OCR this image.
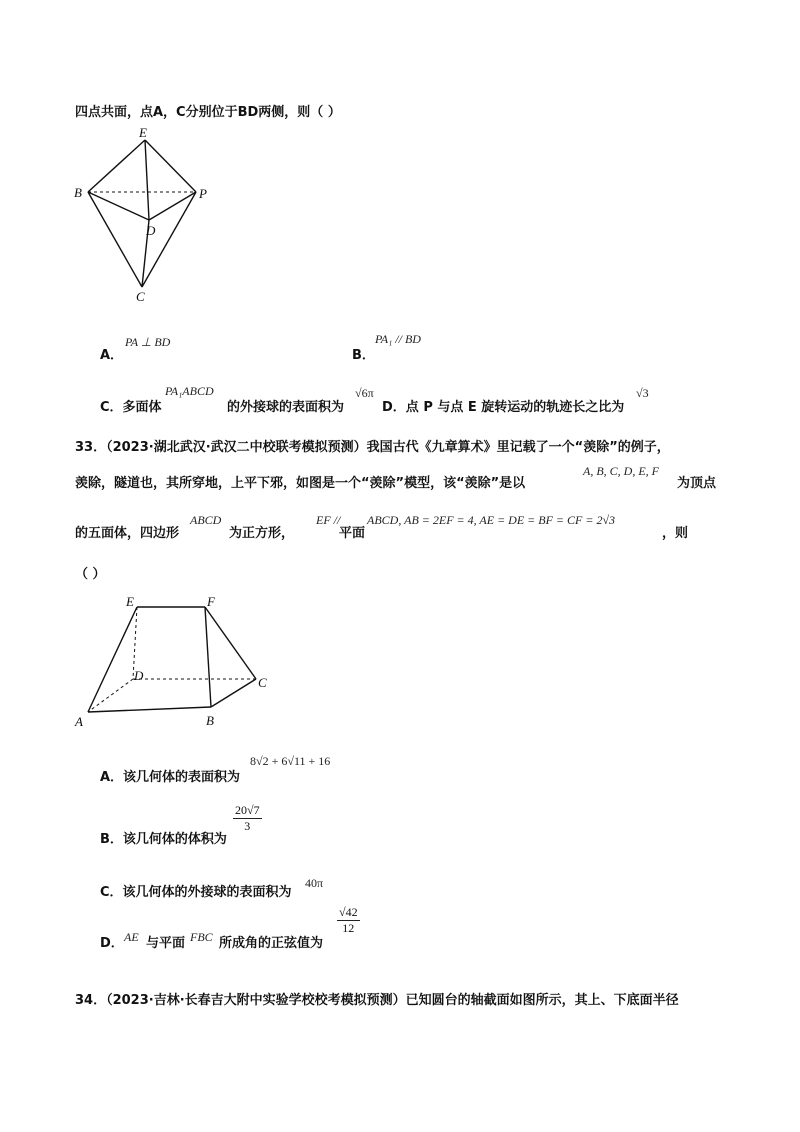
四点共面，点A，C分别位于BD两侧，则（ ）
E
B	P
D
C
A．
PA ⊥ BD
B．
PA₁ // BD
C．多面体
PA₁ABCD
的外接球的表面积为
√6π
D．点 P 与点 E 旋转运动的轨迹长之比为
√3
33．（2023·湖北武汉·武汉二中校联考模拟预测）我国古代《九章算术》里记载了一个“羡除”的例子，
羡除，隧道也，其所穿地，上平下邪，如图是一个“羡除”模型，该“羡除”是以
A, B, C, D, E, F
为顶点
的五面体，四边形
ABCD
为正方形，
EF //
平面
ABCD, AB = 2EF = 4, AE = DE = BF = CF = 2√3
，则
（ ）
E	F
D	C
A	B
A．该几何体的表面积为
8√2 + 6√11 + 16
B．该几何体的体积为
$\frac{20√7}{3}$
C．该几何体的外接球的表面积为
40π
D． AE 与平面 FBC 所成角的正弦值为
$\frac{√42}{12}$
34．（2023·吉林·长春吉大附中实验学校校考模拟预测）已知圆台的轴截面如图所示，其上、下底面半径
